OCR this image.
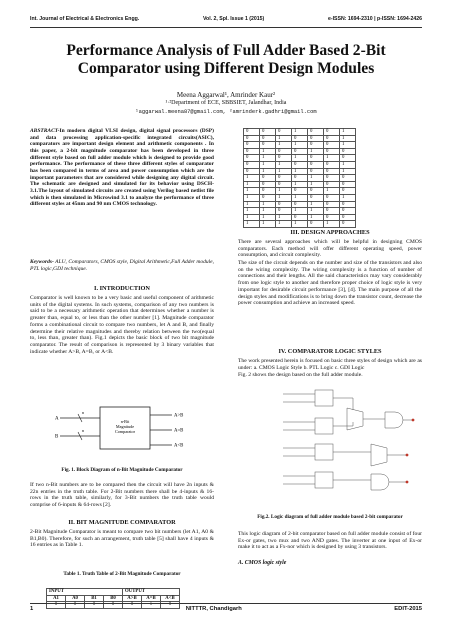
Int. Journal of Electrical & Electronics Engg.	Vol. 2, Spl. Issue 1 (2015)	e-ISSN: 1694-2310 | p-ISSN: 1694-2426
Performance Analysis of Full Adder Based 2-Bit Comparator using Different Design Modules
Meena Aggarwal¹, Amrinder Kaur²
¹·²Department of ECE, SBBSIET, Jalandhar, India
¹aggarwal.meena87@gmail.com, ²amrinderk.gadhri@gmail.com
ABSTRACT-In modern digital VLSI design, digital signal processors (DSP) and data processing application-specific integrated circuits(ASIC), comparators are important design element and arithmetic components . In this paper, a 2-bit magnitude comparator has been developed in three different style based on full adder module which is designed to provide good performance. The performance of these three different styles of comparator has been compared in terms of area and power consumption which are the important parameters that are considered while designing any digital circuit. The schematic are designed and simulated for its behavior using DSCH-3.1.The layout of simulated circuits are created using Verilog based netlist file which is then simulated in Microwind 3.1 to analyze the performance of three different styles at 45nm and 90 nm CMOS technology.
Keywords- ALU, Comparators, CMOS style, Digital Arithmetic,Full Adder module, PTL logic,GDI technique.
I. INTRODUCTION
Comparator is well known to be a very basic and useful component of arithmetic units of the digital systems. In such systems, comparison of any two numbers is said to be a necessary arithmetic operation that determines whether a number is greater than, equal to, or less than the other number [1]. Magnitude comparator forms a combinational circuit to compare two numbers, let A and B, and finally determine their relative magnitudes and thereby relation between the two(equal to, less than, greater than). Fig.1 depicts the basic block of two bit magnitude comparator. The result of comparison is represented by 3 binary variables that indicate whether A>B, A=B, or A<B.
A
B
n
n
n-Bit
Magnitude
Comparator
A>B
A=B
A<B
Fig. 1. Block Diagram of n-Bit Magnitude Comparator
If two n-Bit numbers are to be compared then the circuit will have 2n inputs & 22n entries in the truth table. For 2-Bit numbers there shall be 4-inputs & 16- rows in the truth table, similarly, for 3-Bit numbers the truth table would comprise of 6-inputs & 64-rows [2].
II. BIT MAGNITUDE COMPARATOR
2-Bit Magnitude Comparator is meant to compare two bit numbers (let A1, A0 & B1,B0). Therefore, for such an arrangement, truth table [5] shall have 4 inputs & 16 entries as in Table 1.
Table 1. Truth Table of 2-Bit Magnitude Comparator
INPUT				OUTPUT		
A1	A0	B1	B0	A>B	A=B	A<B
0	0	0	0	0	1	0
0	0	0	1	0	0	1
0	0	1	0	0	0	1
0	0	1	1	0	0	1
0	1	0	0	1	0	0
0	1	0	1	0	1	0
0	1	1	0	0	0	1
0	1	1	1	0	0	1
1	0	0	0	1	0	0
1	0	0	1	1	0	0
1	0	1	0	0	1	0
1	0	1	1	0	0	1
1	1	0	0	1	0	0
1	1	0	1	1	0	0
1	1	1	0	1	0	0
1	1	1	1	0	1	0
III. DESIGN APPROACHES
There are several approaches which will be helpful in designing CMOS comparators. Each method will offer different operating speed, power consumption, and circuit complexity.
The size of the circuit depends on the number and size of the transistors and also on the wiring complexity. The wiring complexity is a function of number of connections and their lengths. All the said characteristics may vary considerably from one logic style to another and therefore proper choice of logic style is very important for desirable circuit performance [3], [4]. The main purpose of all the design styles and modifications is to bring down the transistor count, decrease the power consumption and achieve an increased speed.
IV. COMPARATOR LOGIC STYLES
The work presented herein is focused on basic three styles of design which are as under: a. CMOS Logic Style b. PTL Logic c. GDI Logic
Fig. 2 shows the design based on the full adder module.
Fig.2. Logic diagram of full adder module based 2-bit comparator
This logic diagram of 2-bit comparator based on full adder module consist of four Ex-or gates, two mux and two AND gates. The inverter at one input of Ex-or make it to act as a Fx-nor which is designed by using 3 transistors.
A. CMOS logic style
1	NITTTR, Chandigarh	EDIT-2015
